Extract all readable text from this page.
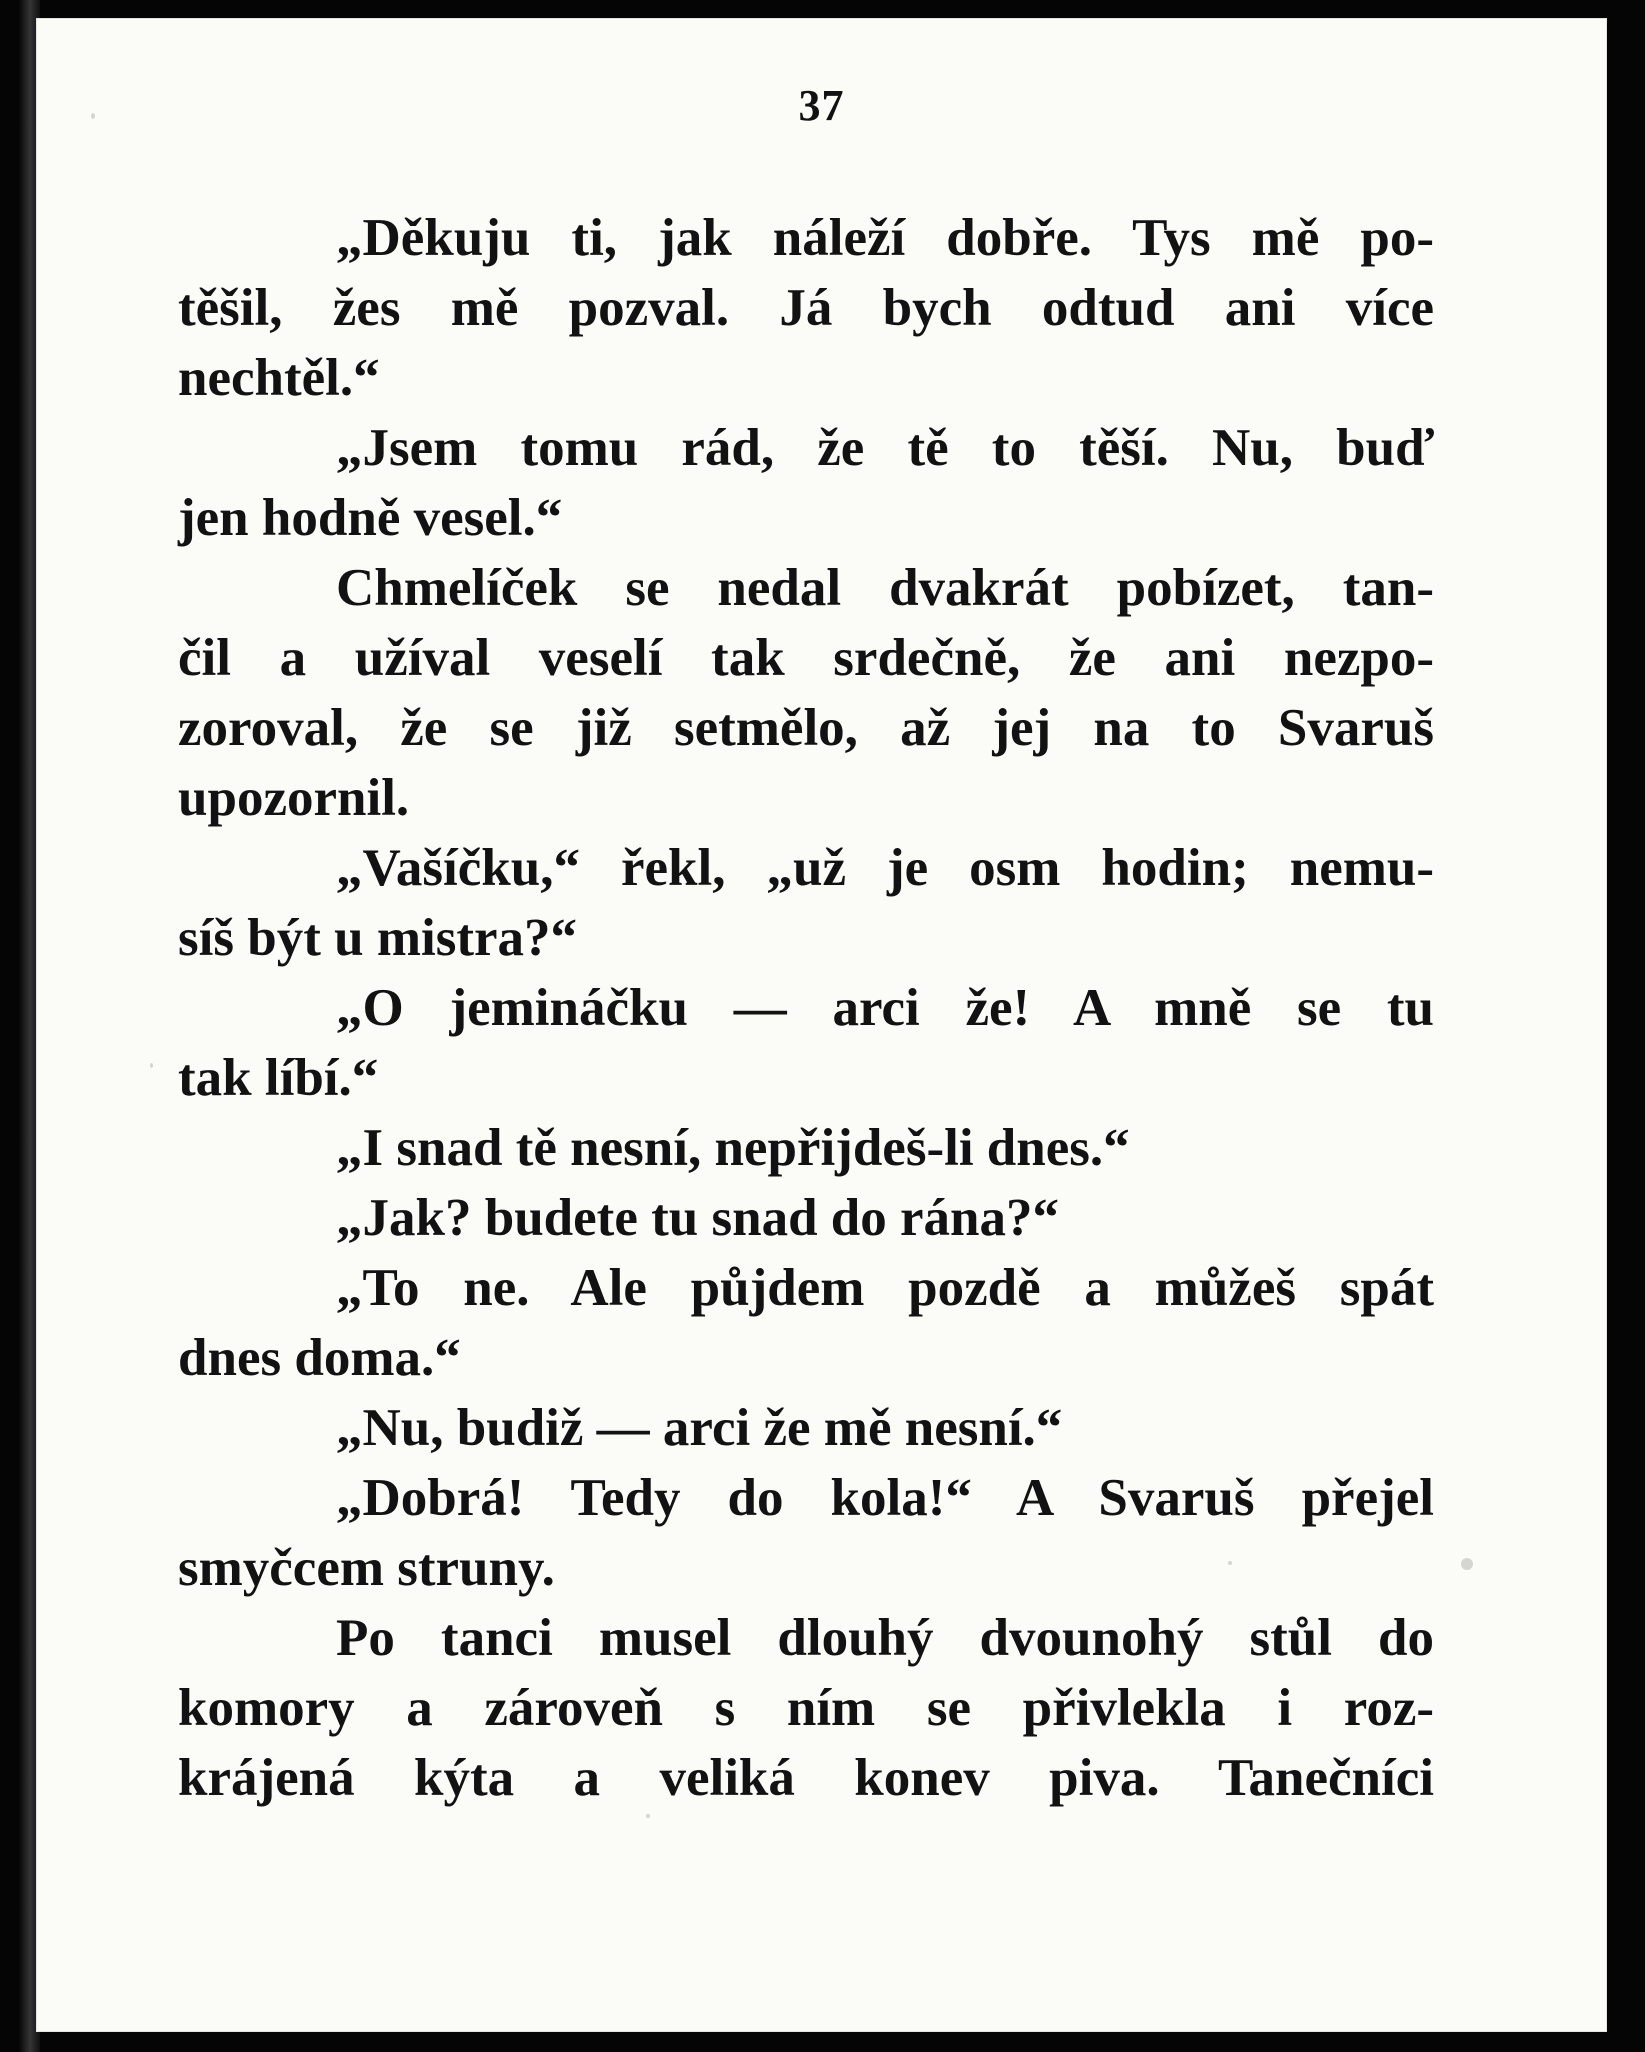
37
„Děkuju ti, jak náleží dobře. Tys mě po-
těšil, žes mě pozval. Já bych odtud ani více
nechtěl.“
„Jsem tomu rád, že tě to těší. Nu, buď
jen hodně vesel.“
Chmelíček se nedal dvakrát pobízet, tan-
čil a užíval veselí tak srdečně, že ani nezpo-
zoroval, že se již setmělo, až jej na to Svaruš
upozornil.
„Vašíčku,“ řekl, „už je osm hodin; nemu-
síš být u mistra?“
„O jemináčku — arci že! A mně se tu
tak líbí.“
„I snad tě nesní, nepřijdeš-li dnes.“
„Jak? budete tu snad do rána?“
„To ne. Ale půjdem pozdě a můžeš spát
dnes doma.“
„Nu, budiž — arci že mě nesní.“
„Dobrá! Tedy do kola!“ A Svaruš přejel
smyčcem struny.
Po tanci musel dlouhý dvounohý stůl do
komory a zároveň s ním se přivlekla i roz-
krájená kýta a veliká konev piva. Tanečníci
